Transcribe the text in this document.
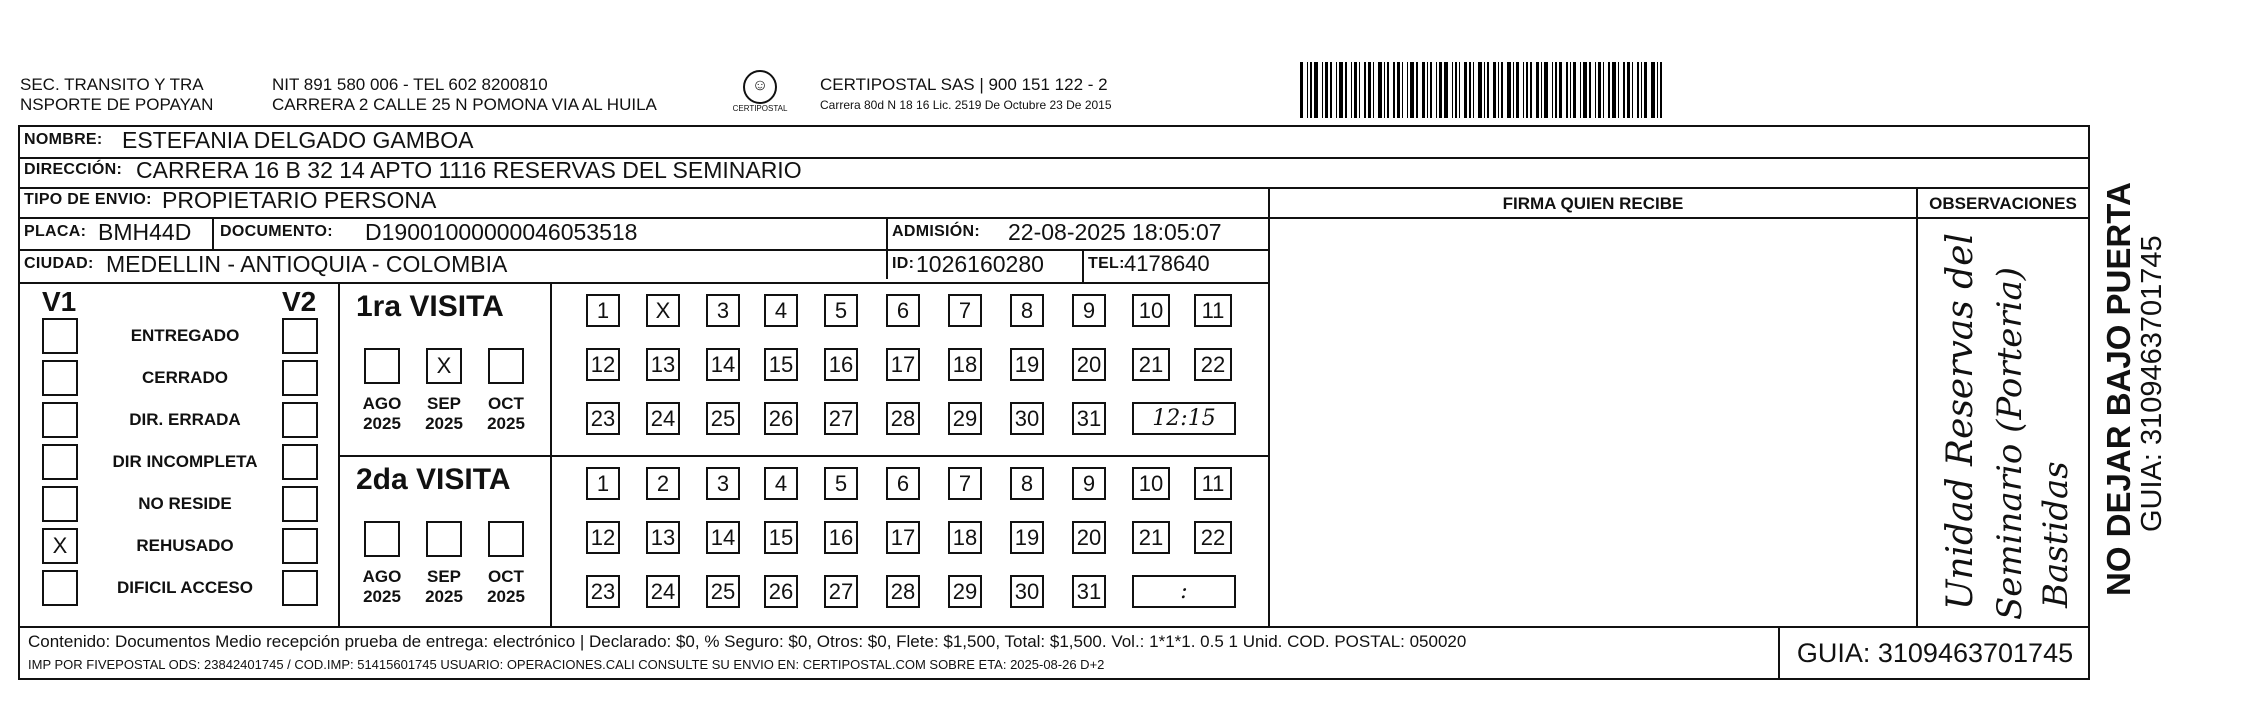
SEC. TRANSITO Y TRA
NSPORTE DE POPAYAN
NIT 891 580 006 - TEL 602 8200810
CARRERA 2 CALLE 25 N POMONA VIA AL HUILA
☺
CERTIPOSTAL
CERTIPOSTAL SAS | 900 151 122 - 2
Carrera 80d N 18 16 Lic. 2519 De Octubre 23 De 2015
NOMBRE: ESTEFANIA DELGADO GAMBOA
DIRECCIÓN: CARRERA 16 B 32 14 APTO 1116 RESERVAS DEL SEMINARIO
TIPO DE ENVIO: PROPIETARIO PERSONA	FIRMA QUIEN RECIBE	OBSERVACIONES
PLACA: BMH44D DOCUMENTO: D19001000000046053518	ADMISIÓN: 22-08-2025 18:05:07
CIUDAD: MEDELLIN - ANTIOQUIA - COLOMBIA	ID: 1026160280	TEL: 4178640
V1	V2
ENTREGADO
CERRADO
DIR. ERRADA
DIR INCOMPLETA
NO RESIDE
X	REHUSADO
DIFICIL ACCESO
1ra VISITA
AGO
2025
X
SEP
2025
OCT
2025
2da VISITA
AGO
2025
SEP
2025
OCT
2025
1	X	3	4	5	6	7	8	9	10	11
12 13 14 15 16 17 18 19 20	21	22
23 24 25 26 27 28 29 30 31	12:15
1	2	3	4	5	6	7	8	9	10	11
12 13 14 15 16 17 18 19 20	21	22
23 24 25 26 27 28 29 30 31	:	Unidad Reservas del Seminario (Porteria) Bastidas
Contenido: Documentos Medio recepción prueba de entrega: electrónico | Declarado: $0, % Seguro: $0, Otros: $0, Flete: $1,500, Total: $1,500. Vol.: 1*1*1. 0.5 1 Unid. COD. POSTAL: 050020
IMP POR FIVEPOSTAL ODS: 23842401745 / COD.IMP: 51415601745 USUARIO: OPERACIONES.CALI CONSULTE SU ENVIO EN: CERTIPOSTAL.COM SOBRE ETA: 2025-08-26 D+2	GUIA: 3109463701745
NO DEJAR BAJO PUERTA GUIA: 3109463701745
